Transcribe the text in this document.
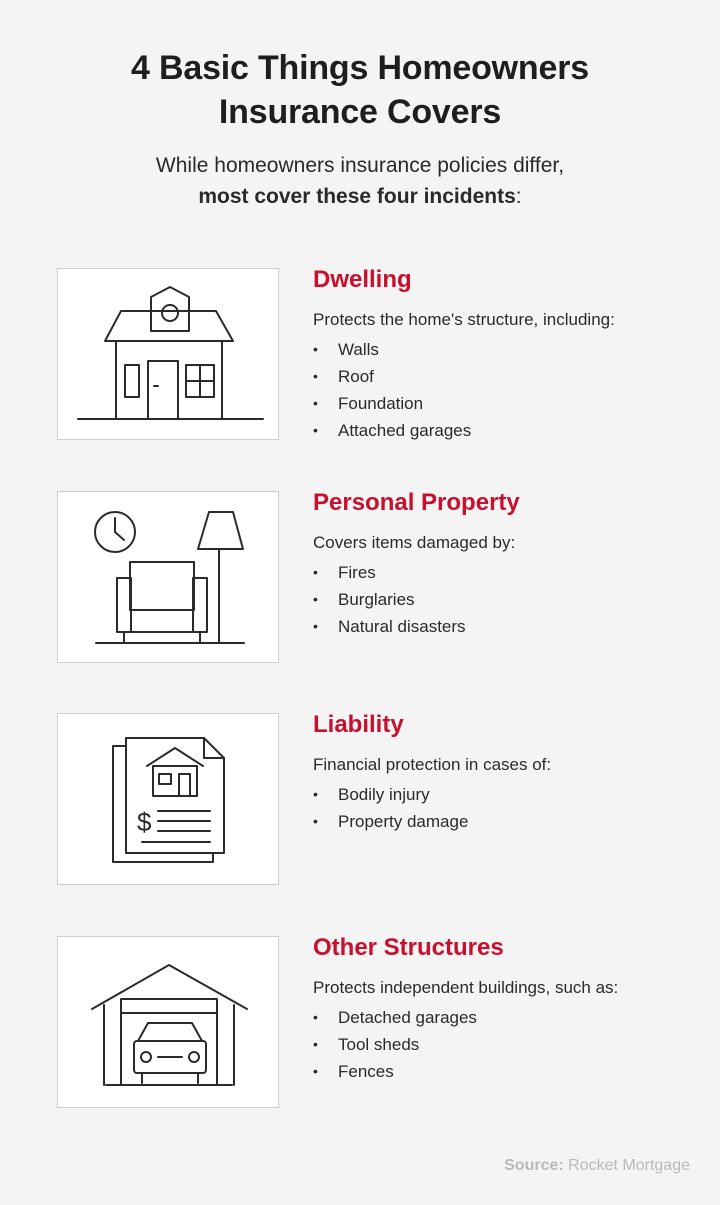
4 Basic Things Homeowners
Insurance Covers
While homeowners insurance policies differ,
most cover these four incidents:
Dwelling
Protects the home's structure, including:
• Walls
• Roof
• Foundation
• Attached garages
Personal Property
Covers items damaged by:
• Fires
• Burglaries
• Natural disasters
$
Liability
Financial protection in cases of:
• Bodily injury
• Property damage
Other Structures
Protects independent buildings, such as:
• Detached garages
• Tool sheds
• Fences
Source: Rocket Mortgage
